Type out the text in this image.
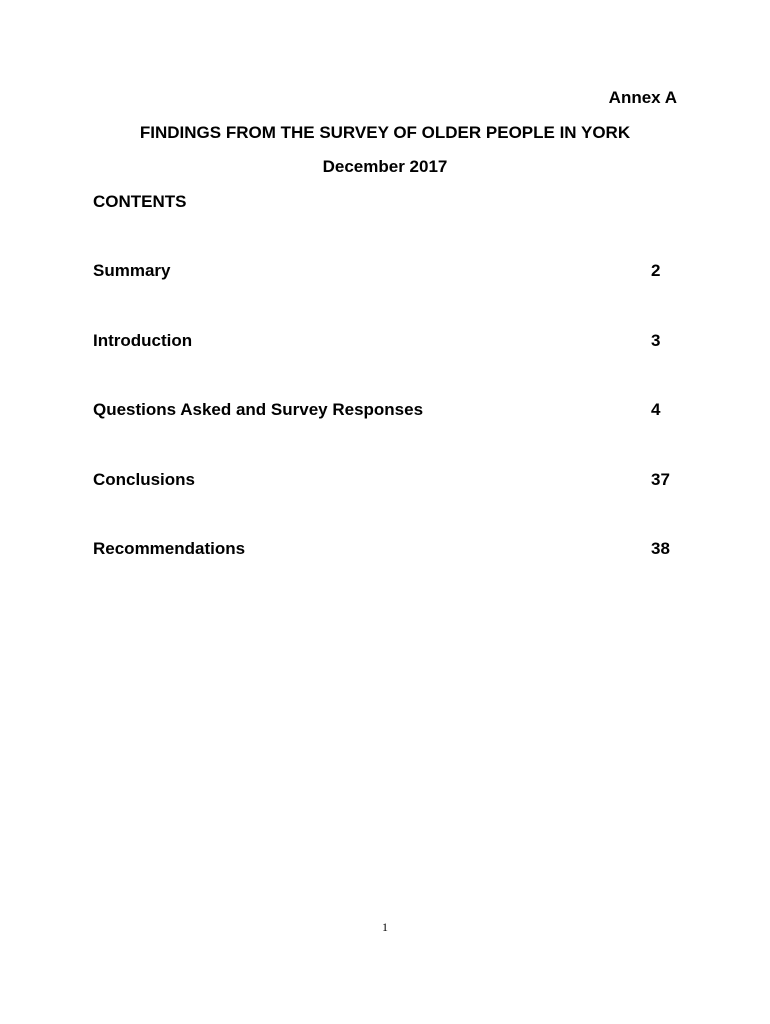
Annex A
FINDINGS FROM THE SURVEY OF OLDER PEOPLE IN YORK
December 2017
CONTENTS
Summary	2
Introduction	3
Questions Asked and Survey Responses	4
Conclusions	37
Recommendations	38
1
